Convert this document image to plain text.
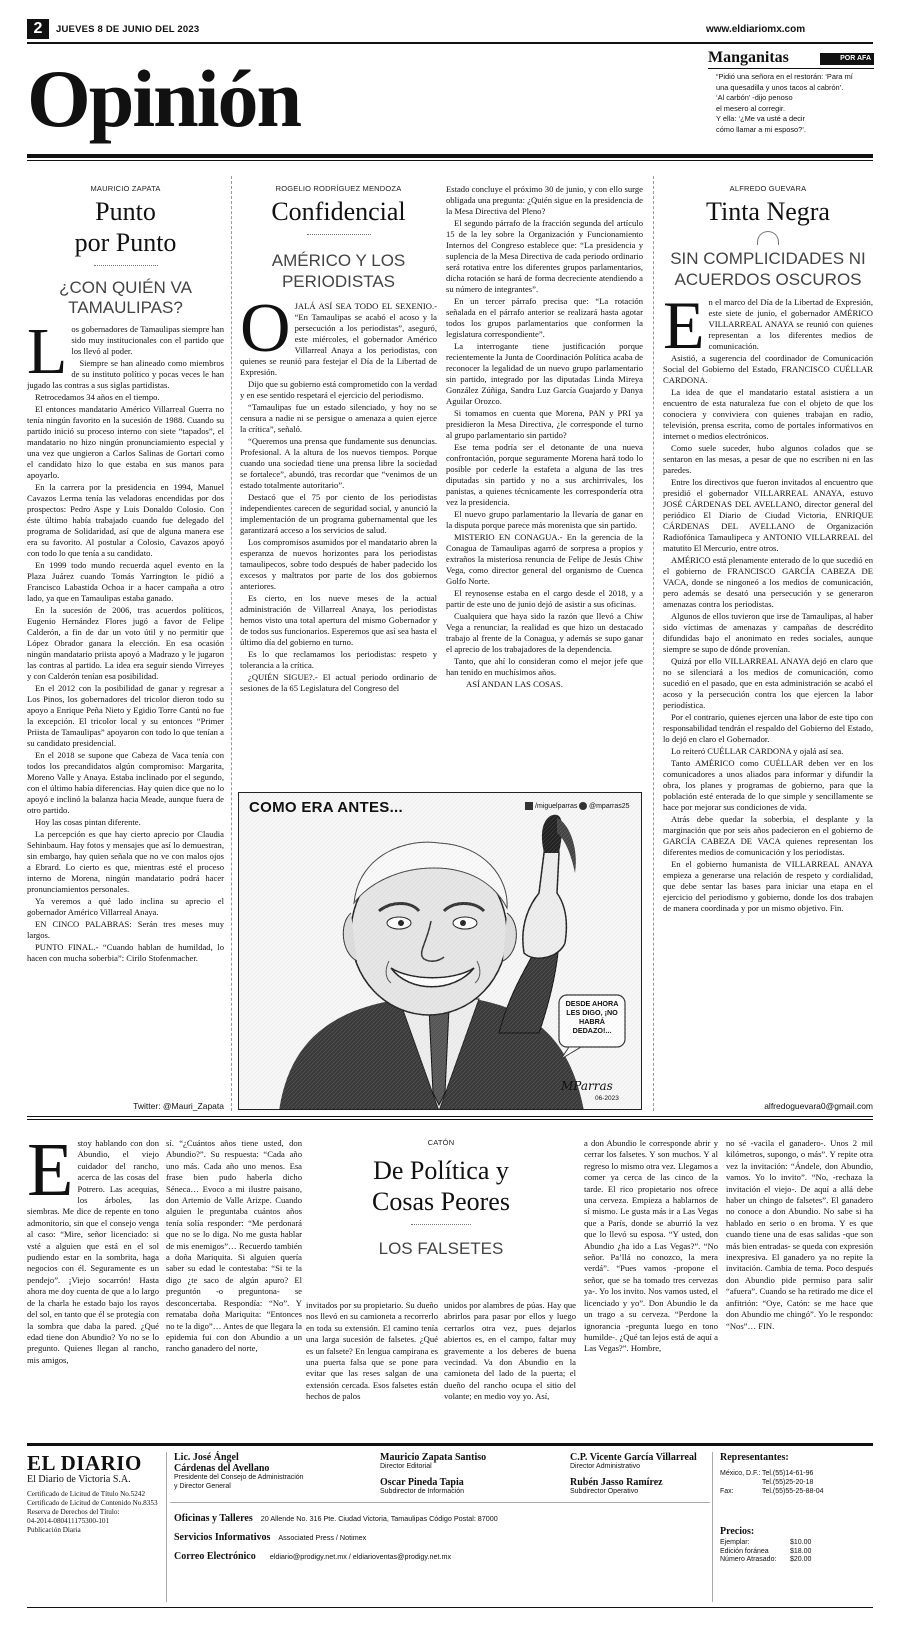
2	JUEVES 8 DE JUNIO DEL 2023	www.eldiariomx.com
Opinión	Manganitas	POR AFA
“Pidió una señora en el restorán: ‘Para mí
una quesadilla y unos tacos al cabrón’.
‘Al carbón’ -dijo penoso
el mesero al corregir.
Y ella: ‘¿Me va usté a decir
cómo llamar a mi esposo?’.
MAURICIO ZAPATA
Punto
por Punto
¿CON QUIÉN VA TAMAULIPAS?
Los gobernadores de Tamaulipas siempre han sido muy institucionales con el partido que los llevó al poder.
Siempre se han alineado como miembros de su instituto político y pocas veces le han jugado las contras a sus siglas partidistas.
Retrocedamos 34 años en el tiempo.
El entonces mandatario Américo Villarreal Guerra no tenía ningún favorito en la sucesión de 1988. Cuando su partido inició su proceso interno con siete “tapados”, el mandatario no hizo ningún pronunciamiento especial y una vez que ungieron a Carlos Salinas de Gortari como el candidato hizo lo que estaba en sus manos para apoyarlo.
En la carrera por la presidencia en 1994, Manuel Cavazos Lerma tenía las veladoras encendidas por dos prospectos: Pedro Aspe y Luis Donaldo Colosio. Con éste último había trabajado cuando fue delegado del programa de Solidaridad, así que de alguna manera ese era su favorito. Al postular a Colosio, Cavazos apoyó con todo lo que tenía a su candidato.
En 1999 todo mundo recuerda aquel evento en la Plaza Juárez cuando Tomás Yarrington le pidió a Francisco Labastida Ochoa ir a hacer campaña a otro lado, ya que en Tamaulipas estaba ganado.
En la sucesión de 2006, tras acuerdos políticos, Eugenio Hernández Flores jugó a favor de Felipe Calderón, a fin de dar un voto útil y no permitir que López Obrador ganara la elección. En esa ocasión ningún mandatario priista apoyó a Madrazo y le jugaron las contras al partido. La idea era seguir siendo Virreyes y con Calderón tenían esa posibilidad.
En el 2012 con la posibilidad de ganar y regresar a Los Pinos, los gobernadores del tricolor dieron todo su apoyo a Enrique Peña Nieto y Egidio Torre Cantú no fue la excepción. El tricolor local y su entonces “Primer Priista de Tamaulipas” apoyaron con todo lo que tenían a su candidato presidencial.
En el 2018 se supone que Cabeza de Vaca tenía con todos los precandidatos algún compromiso: Margarita, Moreno Valle y Anaya. Estaba inclinado por el segundo, con el último había diferencias. Hay quien dice que no lo apoyó e inclinó la balanza hacia Meade, aunque fuera de otro partido.
Hoy las cosas pintan diferente.
La percepción es que hay cierto aprecio por Claudia Sehinbaum. Hay fotos y mensajes que así lo demuestran, sin embargo, hay quien señala que no ve con malos ojos a Ebrard. Lo cierto es que, mientras esté el proceso interno de Morena, ningún mandatario podrá hacer pronunciamientos personales.
Ya veremos a qué lado inclina su aprecio el gobernador Américo Villarreal Anaya.
EN CINCO PALABRAS: Serán tres meses muy largos.
PUNTO FINAL.- “Cuando hablan de humildad, lo hacen con mucha soberbia”: Cirilo Stofenmacher.
Twitter: @Mauri_Zapata
ROGELIO RODRÍGUEZ MENDOZA
Confidencial
AMÉRICO Y LOS PERIODISTAS
OJALÁ ASÍ SEA TODO EL SEXENIO.- “En Tamaulipas se acabó el acoso y la persecución a los periodistas”, aseguró, este miércoles, el gobernador Américo Villarreal Anaya a los periodistas, con quienes se reunió para festejar el Día de la Libertad de Expresión.
Dijo que su gobierno está comprometido con la verdad y en ese sentido respetará el ejercicio del periodismo.
“Tamaulipas fue un estado silenciado, y hoy no se censura a nadie ni se persigue o amenaza a quien ejerce la crítica”, señaló.
“Queremos una prensa que fundamente sus denuncias. Profesional. A la altura de los nuevos tiempos. Porque cuando una sociedad tiene una prensa libre la sociedad se fortalece”, abundó, tras recordar que “venimos de un estado totalmente autoritario”.
Destacó que el 75 por ciento de los periodistas independientes carecen de seguridad social, y anunció la implementación de un programa gubernamental que les garantizará acceso a los servicios de salud.
Los compromisos asumidos por el mandatario abren la esperanza de nuevos horizontes para los periodistas tamaulipecos, sobre todo después de haber padecido los excesos y maltratos por parte de los dos gobiernos anteriores.
Es cierto, en los nueve meses de la actual administración de Villarreal Anaya, los periodistas hemos visto una total apertura del mismo Gobernador y de todos sus funcionarios. Esperemos que así sea hasta el último día del gobierno en turno.
Es lo que reclamamos los periodistas: respeto y tolerancia a la crítica.
¿QUIÉN SIGUE?.- El actual periodo ordinario de sesiones de la 65 Legislatura del Congreso del
Estado concluye el próximo 30 de junio, y con ello surge obligada una pregunta: ¿Quién sigue en la presidencia de la Mesa Directiva del Pleno?
El segundo párrafo de la fracción segunda del artículo 15 de la ley sobre la Organización y Funcionamiento Internos del Congreso establece que: “La presidencia y suplencia de la Mesa Directiva de cada periodo ordinario será rotativa entre los diferentes grupos parlamentarios, dicha rotación se hará de forma decreciente atendiendo a su número de integrantes”.
En un tercer párrafo precisa que: “La rotación señalada en el párrafo anterior se realizará hasta agotar todos los grupos parlamentarios que conformen la legislatura correspondiente”.
La interrogante tiene justificación porque recientemente la Junta de Coordinación Política acaba de reconocer la legalidad de un nuevo grupo parlamentario sin partido, integrado por las diputadas Linda Mireya González Zúñiga, Sandra Luz García Guajardo y Danya Aguilar Orozco.
Si tomamos en cuenta que Morena, PAN y PRI ya presidieron la Mesa Directiva, ¿le corresponde el turno al grupo parlamentario sin partido?
Ese tema podría ser el detonante de una nueva confrontación, porque seguramente Morena hará todo lo posible por cederle la estafeta a alguna de las tres diputadas sin partido y no a sus archirrivales, los panistas, a quienes técnicamente les correspondería otra vez la presidencia.
El nuevo grupo parlamentario la llevaría de ganar en la disputa porque parece más morenista que sin partido.
MISTERIO EN CONAGUA.- En la gerencia de la Conagua de Tamaulipas agarró de sorpresa a propios y extraños la misteriosa renuncia de Felipe de Jesús Chiw Vega, como director general del organismo de Cuenca Golfo Norte.
El reynosense estaba en el cargo desde el 2018, y a partir de este uno de junio dejó de asistir a sus oficinas.
Cualquiera que haya sido la razón que llevó a Chiw Vega a renunciar, la realidad es que hizo un destacado trabajo al frente de la Conagua, y además se supo ganar el aprecio de los trabajadores de la dependencia.
Tanto, que ahí lo consideran como el mejor jefe que han tenido en muchísimos años.
ASÍ ANDAN LAS COSAS.
COMO ERA ANTES...	/miguelparras	@mparras25
DESDE AHORA LES DIGO, ¡NO HABRÁ DEDAZO!...
MParras
06-2023
ALFREDO GUEVARA
Tinta Negra
SIN COMPLICIDADES NI ACUERDOS OSCUROS
En el marco del Día de la Libertad de Expresión, este siete de junio, el gobernador AMÉRICO VILLARREAL ANAYA se reunió con quienes representan a los diferentes medios de comunicación.
Asistió, a sugerencia del coordinador de Comunicación Social del Gobierno del Estado, FRANCISCO CUÉLLAR CARDONA.
La idea de que el mandatario estatal asistiera a un encuentro de esta naturaleza fue con el objeto de que los conociera y conviviera con quienes trabajan en radio, televisión, prensa escrita, como de portales informativos en internet o medios electrónicos.
Como suele suceder, hubo algunos colados que se sentaron en las mesas, a pesar de que no escriben ni en las paredes.
Entre los directivos que fueron invitados al encuentro que presidió el gobernador VILLARREAL ANAYA, estuvo JOSÉ CÁRDENAS DEL AVELLANO, director general del periódico El Diario de Ciudad Victoria, ENRIQUE CÁRDENAS DEL AVELLANO de Organización Radiofónica Tamaulipeca y ANTONIO VILLARREAL del matutito El Mercurio, entre otros.
AMÉRICO está plenamente enterado de lo que sucedió en el gobierno de FRANCISCO GARCÍA CABEZA DE VACA, donde se ningoneó a los medios de comunicación, pero además se desató una persecución y se generaron amenazas contra los periodistas.
Algunos de ellos tuvieron que irse de Tamaulipas, al haber sido víctimas de amenazas y campañas de descrédito difundidas bajo el anonimato en redes sociales, aunque siempre se supo de dónde provenían.
Quizá por ello VILLARREAL ANAYA dejó en claro que no se silenciará a los medios de comunicación, como sucedió en el pasado, que en esta administración se acabó el acoso y la persecución contra los que ejercen la labor periodística.
Por el contrario, quienes ejercen una labor de este tipo con responsabilidad tendrán el respaldo del Gobierno del Estado, lo dejó en claro el Gobernador.
Lo reiteró CUÉLLAR CARDONA y ojalá así sea.
Tanto AMÉRICO como CUÉLLAR deben ver en los comunicadores a unos aliados para informar y difundir la obra, los planes y programas de gobierno, para que la población esté enterada de lo que simple y sencillamente se hace por mejorar sus condiciones de vida.
Atrás debe quedar la soberbia, el desplante y la marginación que por seis años padecieron en el gobierno de GARCÍA CABEZA DE VACA quienes representan los diferentes medios de comunicación y los periodistas.
En el gobierno humanista de VILLARREAL ANAYA empieza a generarse una relación de respeto y cordialidad, que debe sentar las bases para iniciar una etapa en el ejercicio del periodismo y gobierno, donde los dos trabajen de manera coordinada y por un mismo objetivo. Fin.
alfredoguevara0@gmail.com
Estoy hablando con don Abundio, el viejo cuidador del rancho, acerca de las cosas del Potrero. Las acequias, los árboles, las siembras. Me dice de repente en tono admonitorio, sin que el consejo venga al caso: “Mire, señor licenciado: si vsté a alguien que está en el sol pudiendo estar en la sombrita, haga negocios con él. Seguramente es un pendejo”. ¡Viejo socarrón! Hasta ahora me doy cuenta de que a lo largo de la charla he estado bajo los rayos del sol, en tanto que él se protegía con la sombra que daba la pared. ¿Qué edad tiene don Abundio? Yo no se lo pregunto. Quienes llegan al rancho, mis amigos,
sí. “¿Cuántos años tiene usted, don Abundio?”. Su respuesta: “Cada año uno más. Cada año uno menos. Esa frase bien pudo haberla dicho Séneca… Evoco a mi ilustre paisano, don Artemio de Valle Arizpe. Cuando alguien le preguntaba cuántos años tenía solía responder: “Me perdonará que no se lo diga. No me gusta hablar de mis enemigos”… Recuerdo también a doña Mariquita. Si alguien quería saber su edad le contestaba: “Si te la digo ¿te saco de algún apuro? El preguntón -o preguntona- se desconcertaba. Respondía: “No”. Y remataba doña Mariquita: “Entonces no te la digo”… Antes de que llegara la epidemia fui con don Abundio a un rancho ganadero del norte,
CATÓN
De Política y
Cosas Peores
LOS FALSETES
invitados por su propietario. Su dueño nos llevó en su camioneta a recorrerlo en toda su extensión. El camino tenía una larga sucesión de falsetes. ¿Qué es un falsete? En lengua campirana es una puerta falsa que se pone para evitar que las reses salgan de una extensión cercada. Esos falsetes están hechos de palos
unidos por alambres de púas. Hay que abrirlos para pasar por ellos y luego cerrarlos otra vez, pues dejarlos abiertos es, en el campo, faltar muy gravemente a los deberes de buena vecindad. Va don Abundio en la camioneta del lado de la puerta; el dueño del rancho ocupa el sitio del volante; en medio voy yo. Así,
a don Abundio le corresponde abrir y cerrar los falsetes. Y son muchos. Y al regreso lo mismo otra vez. Llegamos a comer ya cerca de las cinco de la tarde. El rico propietario nos ofrece una cerveza. Empieza a hablarnos de sí mismo. Le gusta más ir a Las Vegas que a París, donde se aburrió la vez que lo llevó su esposa. “Y usted, don Abundio ¿ha ido a Las Vegas?”. “No señor. Pa’llá no conozco, la mera verdá”. “Pues vamos -propone el señor, que se ha tomado tres cervezas ya-. Yo los invito. Nos vamos usted, el licenciado y yo”. Don Abundio le da un trago a su cerveza. “Perdone la ignorancia -pregunta luego en tono humilde-. ¿Qué tan lejos está de aquí a Las Vegas?”. Hombre,
no sé -vacila el ganadero-. Unos 2 mil kilómetros, supongo, o más”. Y repite otra vez la invitación: “Ándele, don Abundio, vamos. Yo lo invito”. “No, -rechaza la invitación el viejo-. De aquí a allá debe haber un chingo de falsetes”. El ganadero no conoce a don Abundio. No sabe si ha hablado en serio o en broma. Y es que cuando tiene una de esas salidas -que son más bien entradas- se queda con expresión inexpresiva. El ganadero ya no repite la invitación. Cambia de tema. Poco después don Abundio pide permiso para salir “afuera”. Cuando se ha retirado me dice el anfitrión: “Oye, Catón: se me hace que don Abundio me chingó”. Yo le respondo: “Nos”… FIN.
EL DIARIO
El Diario de Victoria S.A.
Certificado de Licitud de Título No.5242
Certificado de Licitud de Contenido No.8353
Reserva de Derechos del Título:
04-2014-080411175300-101
Publicación Diaria
Lic. José Ángel
Cárdenas del Avellano
Presidente del Consejo de Administración
y Director General
Mauricio Zapata Santiso
Director Editorial
Oscar Pineda Tapia
Subdirector de Información
C.P. Vicente García Villarreal
Director Administrativo
Rubén Jasso Ramírez
Subdirector Operativo
Oficinas y Talleres 20 Allende No. 316 Pte. Ciudad Victoria, Tamaulipas Código Postal: 87000
Servicios Informativos Associated Press / Notimex
Correo Electrónico eldiario@prodigy.net.mx / eldiarioventas@prodigy.net.mx
Representantes:
México, D.F.: Tel.(55)14-61-96
Tel.(55)25-20-18
Fax:	Tel.(55)55-25-88-04
Precios:
Ejemplar:	$10.00
Edición foránea	$18.00
Número Atrasado:	$20.00
